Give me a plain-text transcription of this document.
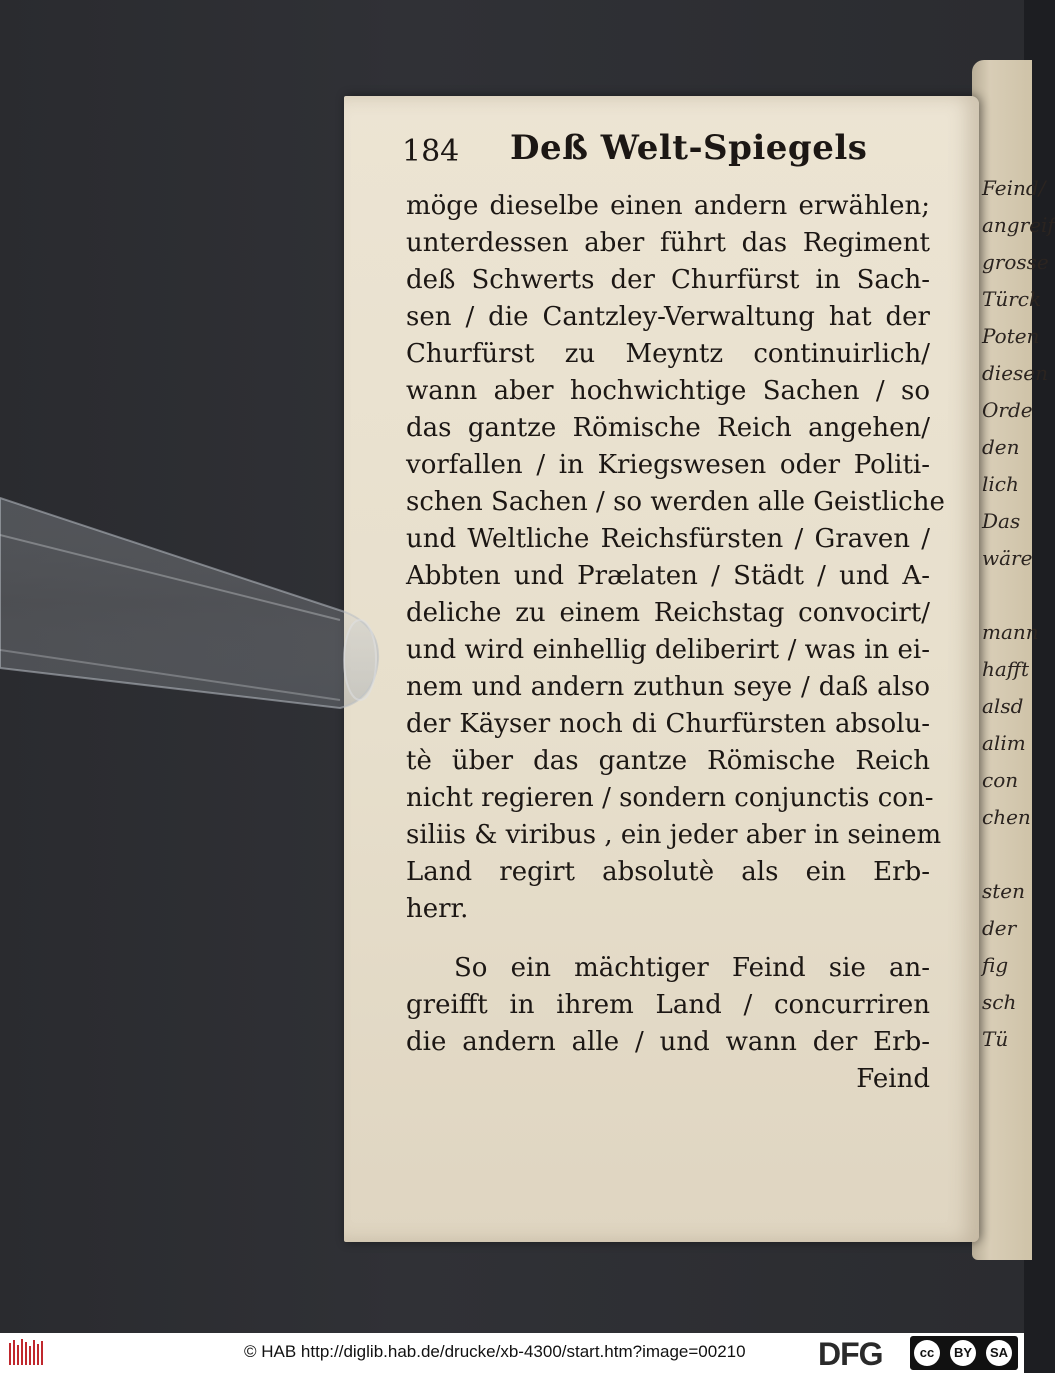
Feind/
angreif
grosse
Türck
Poten
diesen
Orde
den
lich
Das
wäre
mann
hafft
alsd
alim
con
chen
sten
der
fig
sch
Tü
184 Deß Welt-Spiegels
möge dieselbe einen andern erwählen;
unterdessen aber führt das Regiment
deß Schwerts der Churfürst in Sach-
sen / die Cantzley-Verwaltung hat der
Churfürst zu Meyntz continuirlich/
wann aber hochwichtige Sachen / so
das gantze Römische Reich angehen/
vorfallen / in Kriegswesen oder Politi-
schen Sachen / so werden alle Geistliche
und Weltliche Reichsfürsten / Graven /
Abbten und Prælaten / Städt / und A-
deliche zu einem Reichstag convocirt/
und wird einhellig deliberirt / was in ei-
nem und andern zuthun seye / daß also
der Käyser noch di Churfürsten absolu-
tè über das gantze Römische Reich
nicht regieren / sondern conjunctis con-
siliis & viribus , ein jeder aber in seinem
Land regirt absolutè als ein Erb-
herr.
So ein mächtiger Feind sie an-
greifft in ihrem Land / concurriren
die andern alle / und wann der Erb-
Feind
© HAB http://diglib.hab.de/drucke/xb-4300/start.htm?image=00210 DFG	cc	BY	SA
